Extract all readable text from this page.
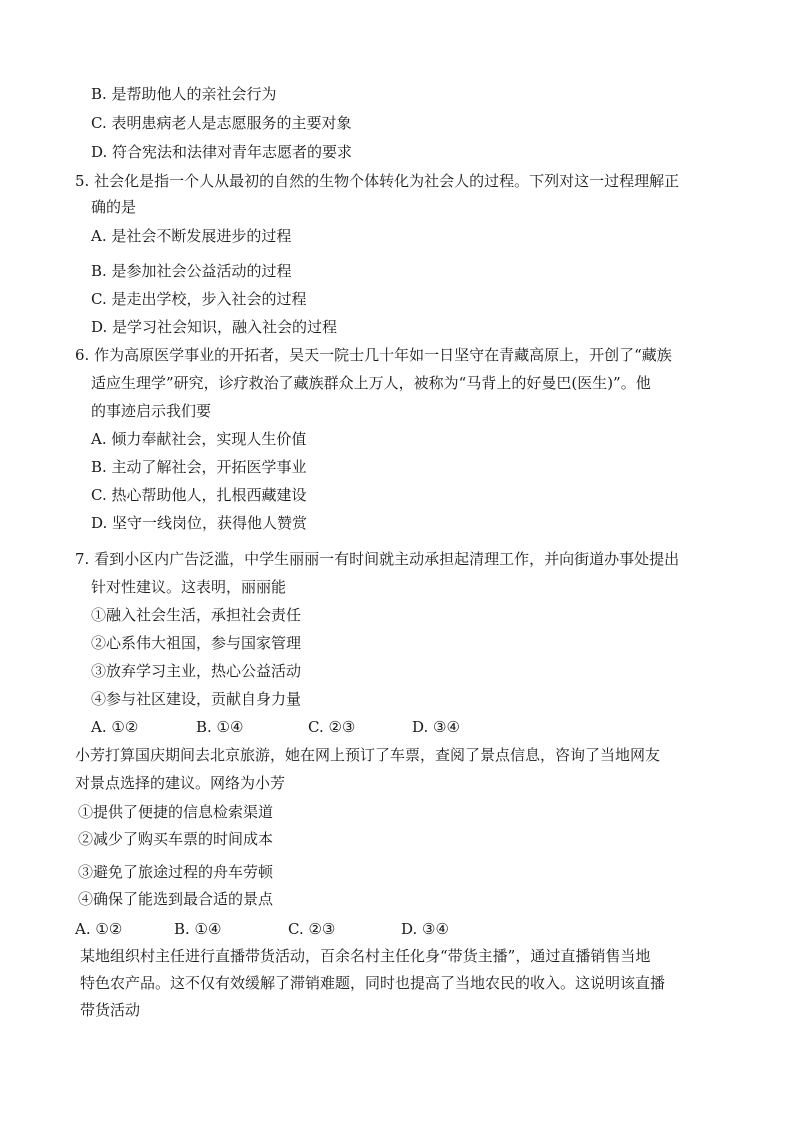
B. 是帮助他人的亲社会行为
C. 表明患病老人是志愿服务的主要对象
D. 符合宪法和法律对青年志愿者的要求
5. 社会化是指一个人从最初的自然的生物个体转化为社会人的过程。下列对这一过程理解正
确的是
A. 是社会不断发展进步的过程
B. 是参加社会公益活动的过程
C. 是走出学校，步入社会的过程
D. 是学习社会知识，融入社会的过程
6. 作为高原医学事业的开拓者，吴天一院士几十年如一日坚守在青藏高原上，开创了“藏族
适应生理学”研究，诊疗救治了藏族群众上万人，被称为“马背上的好曼巴(医生)”。他
的事迹启示我们要
A. 倾力奉献社会，实现人生价值
B. 主动了解社会，开拓医学事业
C. 热心帮助他人，扎根西藏建设
D. 坚守一线岗位，获得他人赞赏
7. 看到小区内广告泛滥，中学生丽丽一有时间就主动承担起清理工作，并向街道办事处提出
针对性建议。这表明，丽丽能
①融入社会生活，承担社会责任
②心系伟大祖国，参与国家管理
③放弃学习主业，热心公益活动
④参与社区建设，贡献自身力量
A. ①②	B. ①④	C. ②③	D. ③④
小芳打算国庆期间去北京旅游，她在网上预订了车票，查阅了景点信息，咨询了当地网友
对景点选择的建议。网络为小芳
①提供了便捷的信息检索渠道
②减少了购买车票的时间成本
③避免了旅途过程的舟车劳顿
④确保了能选到最合适的景点
A. ①②	B. ①④	C. ②③	D. ③④
某地组织村主任进行直播带货活动，百余名村主任化身“带货主播”，通过直播销售当地
特色农产品。这不仅有效缓解了滞销难题，同时也提高了当地农民的收入。这说明该直播
带货活动
